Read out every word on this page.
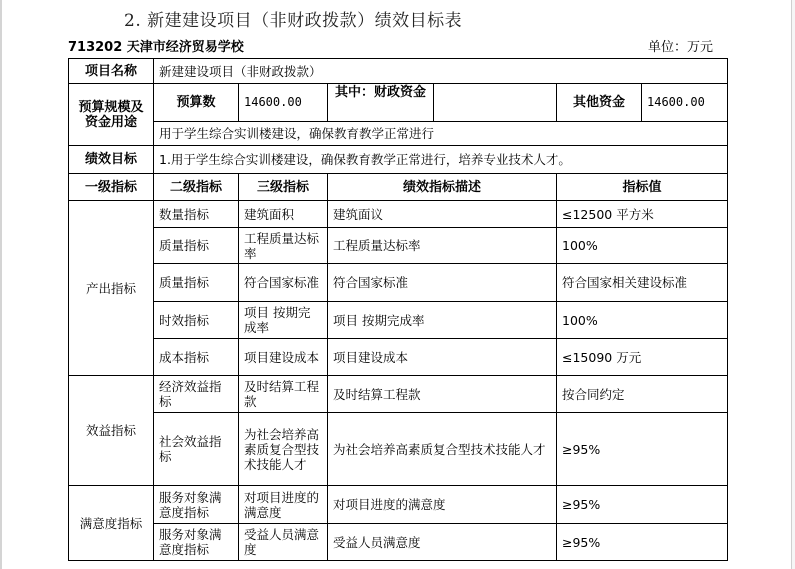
2. 新建建设项目（非财政拨款）绩效目标表
713202 天津市经济贸易学校	单位：万元
项目名称	新建建设项目（非财政拨款）					
预算规模及资金用途	预算数	14600.00	其中：财政资金		其他资金	14600.00
	用于学生综合实训楼建设，确保教育教学正常进行					
绩效目标	1.用于学生综合实训楼建设，确保教育教学正常进行，培养专业技术人才。					
一级指标	二级指标	三级指标	绩效指标描述		指标值	
产出指标	数量指标	建筑面积	建筑面议		≤12500 平方米	
	质量指标	工程质量达标率	工程质量达标率		100%	
	质量指标	符合国家标准	符合国家标准		符合国家相关建设标准	
	时效指标	项目 按期完成率	项目 按期完成率		100%	
	成本指标	项目建设成本	项目建设成本		≤15090 万元	
效益指标	经济效益指标	及时结算工程款	及时结算工程款		按合同约定	
	社会效益指标	为社会培养高素质复合型技术技能人才	为社会培养高素质复合型技术技能人才		≥95%	
满意度指标	服务对象满意度指标	对项目进度的满意度	对项目进度的满意度		≥95%	
	服务对象满意度指标	受益人员满意度	受益人员满意度		≥95%	
